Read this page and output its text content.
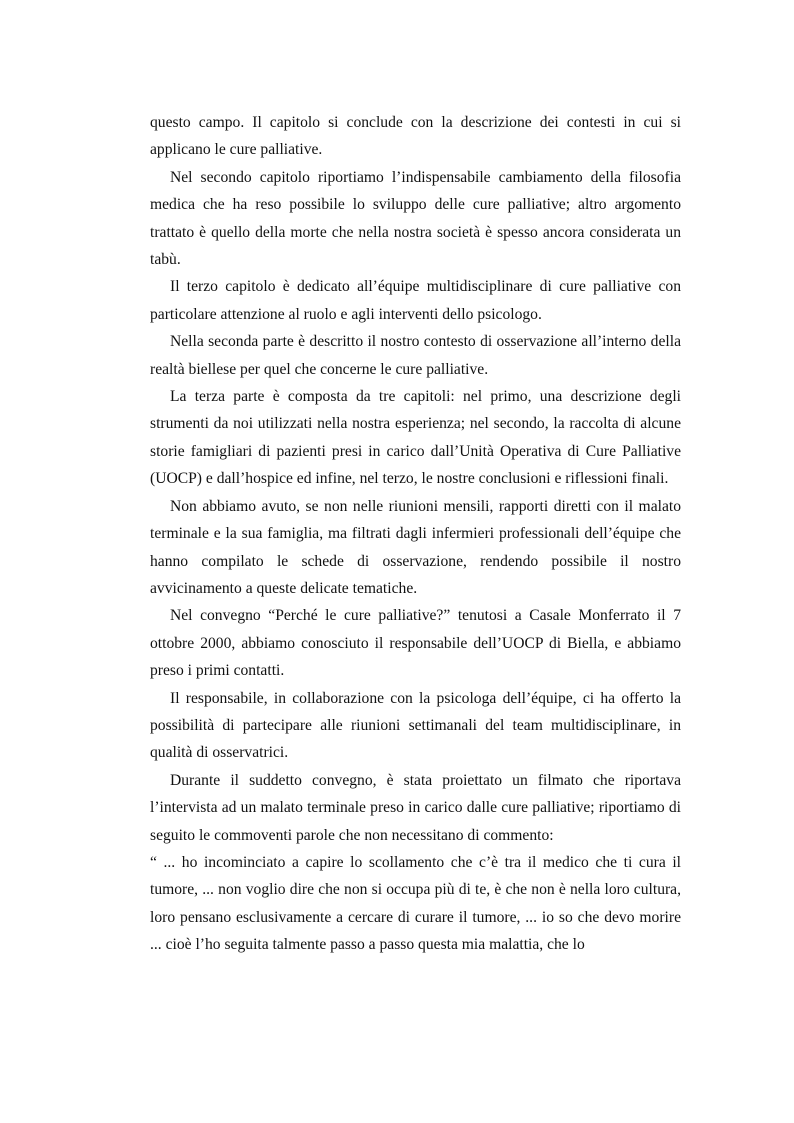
questo campo. Il capitolo si conclude con la descrizione dei contesti in cui si applicano le cure palliative.

Nel secondo capitolo riportiamo l’indispensabile cambiamento della filosofia medica che ha reso possibile lo sviluppo delle cure palliative; altro argomento trattato è quello della morte che nella nostra società è spesso ancora considerata un tabù.

Il terzo capitolo è dedicato all’équipe multidisciplinare di cure palliative con particolare attenzione al ruolo e agli interventi dello psicologo.

Nella seconda parte è descritto il nostro contesto di osservazione all’interno della realtà biellese per quel che concerne le cure palliative.

La terza parte è composta da tre capitoli: nel primo, una descrizione degli strumenti da noi utilizzati nella nostra esperienza; nel secondo, la raccolta di alcune storie famigliari di pazienti presi in carico dall’Unità Operativa di Cure Palliative (UOCP) e dall’hospice ed infine, nel terzo, le nostre conclusioni e riflessioni finali.

Non abbiamo avuto, se non nelle riunioni mensili, rapporti diretti con il malato terminale e la sua famiglia, ma filtrati dagli infermieri professionali dell’équipe che hanno compilato le schede di osservazione, rendendo possibile il nostro avvicinamento a queste delicate tematiche.

Nel convegno “Perché le cure palliative?” tenutosi a Casale Monferrato il 7 ottobre 2000, abbiamo conosciuto il responsabile dell’UOCP di Biella, e abbiamo preso i primi contatti.

Il responsabile, in collaborazione con la psicologa dell’équipe, ci ha offerto la possibilità di partecipare alle riunioni settimanali del team multidisciplinare, in qualità di osservatrici.

Durante il suddetto convegno, è stata proiettato un filmato che riportava l’intervista ad un malato terminale preso in carico dalle cure palliative; riportiamo di seguito le commoventi parole che non necessitano di commento:

“ ... ho incominciato a capire lo scollamento che c’è tra il medico che ti cura il tumore, ... non voglio dire che non si occupa più di te, è che non è nella loro cultura, loro pensano esclusivamente a cercare di curare il tumore, ... io so che devo morire ... cioè l’ho seguita talmente passo a passo questa mia malattia, che lo
